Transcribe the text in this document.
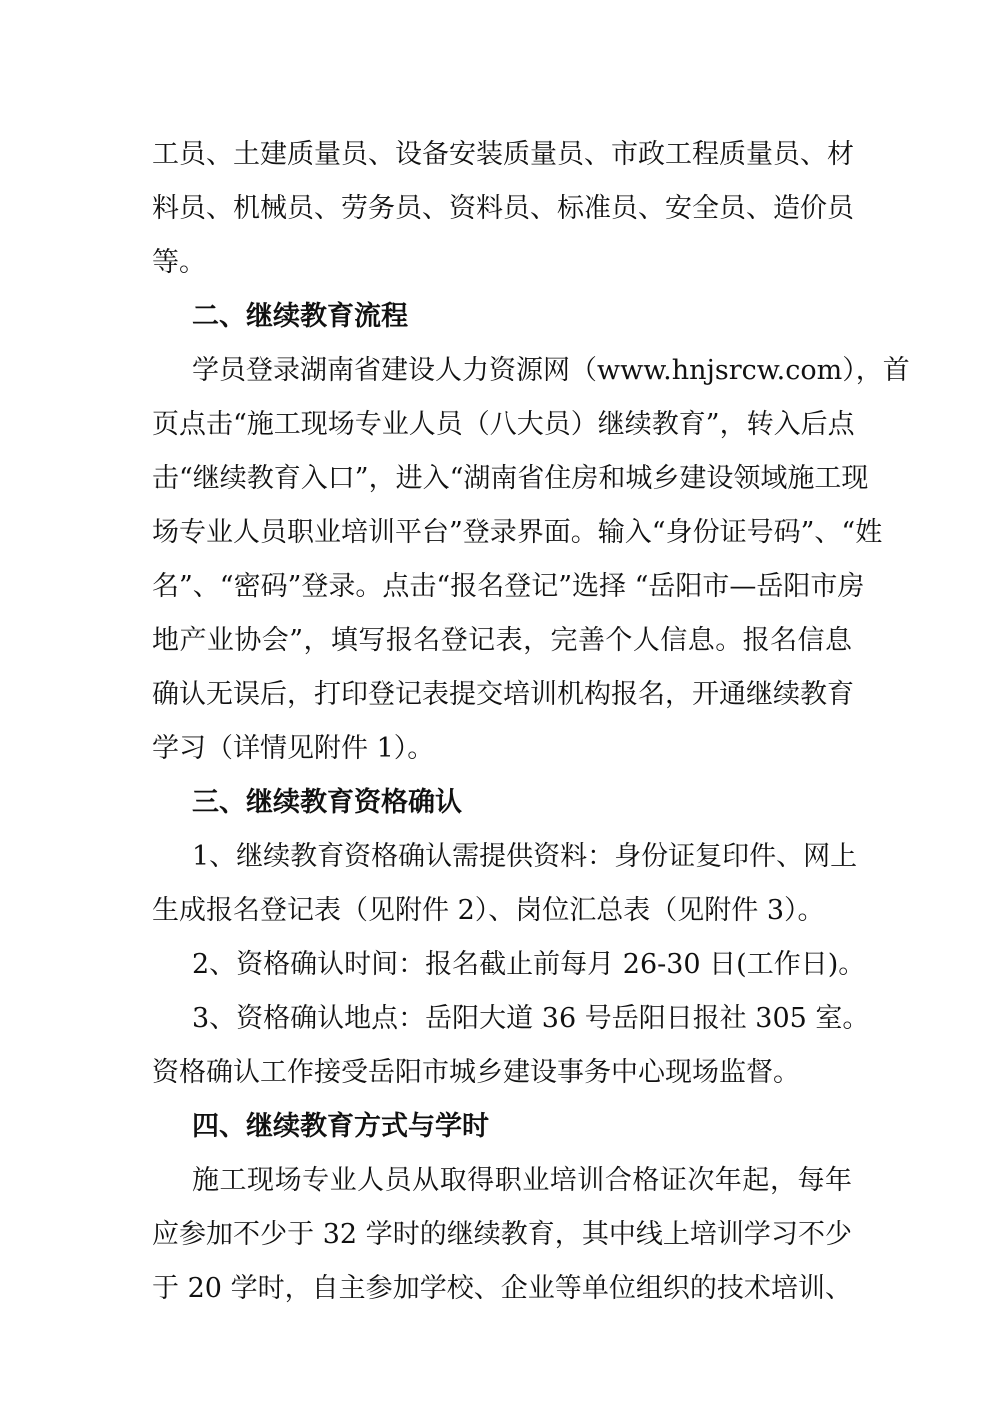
工员、土建质量员、设备安装质量员、市政工程质量员、材
料员、机械员、劳务员、资料员、标准员、安全员、造价员
等。
二、继续教育流程
学员登录湖南省建设人力资源网（www.hnjsrcw.com），首
页点击“施工现场专业人员（八大员）继续教育”，转入后点
击“继续教育入口”，进入“湖南省住房和城乡建设领域施工现
场专业人员职业培训平台”登录界面。输入“身份证号码”、“姓
名”、“密码”登录。点击“报名登记”选择 “岳阳市—岳阳市房
地产业协会”，填写报名登记表，完善个人信息。报名信息
确认无误后，打印登记表提交培训机构报名，开通继续教育
学习（详情见附件 1）。
三、继续教育资格确认
1、继续教育资格确认需提供资料：身份证复印件、网上
生成报名登记表（见附件 2）、岗位汇总表（见附件 3）。
2、资格确认时间：报名截止前每月 26-30 日(工作日)。
3、资格确认地点：岳阳大道 36 号岳阳日报社 305 室。
资格确认工作接受岳阳市城乡建设事务中心现场监督。
四、继续教育方式与学时
施工现场专业人员从取得职业培训合格证次年起，每年
应参加不少于 32 学时的继续教育，其中线上培训学习不少
于 20 学时，自主参加学校、企业等单位组织的技术培训、
